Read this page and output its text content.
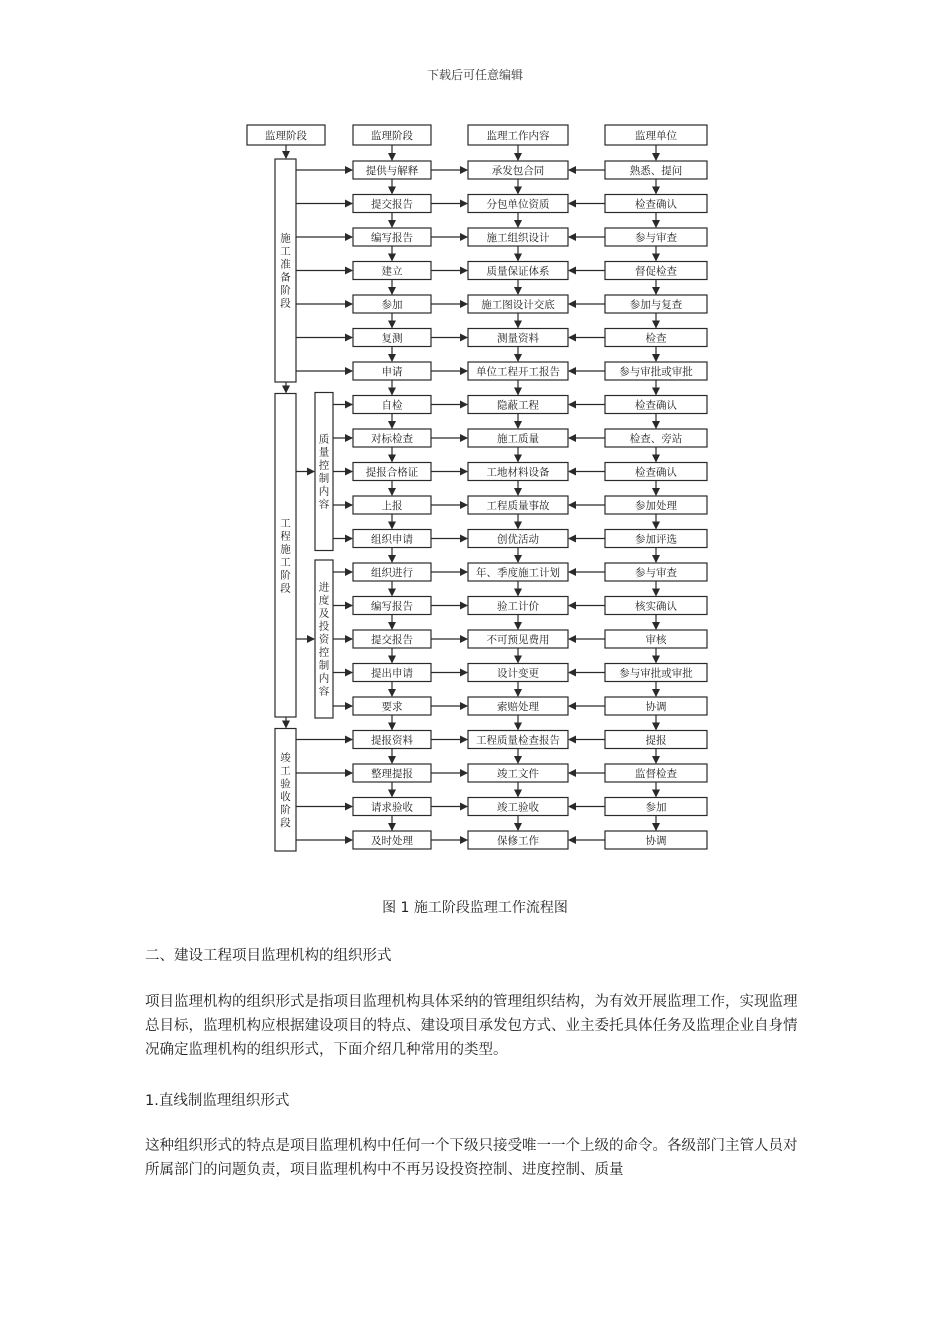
下载后可任意编辑
监理阶段	监理阶段	监理工作内容	监理单位
施工准备阶段
工程施工阶段
竣工验收阶段
质量控制内容
进度及投资控制内容
提供与解释	承发包合同	熟悉、提问
提交报告	分包单位资质	检查确认
编写报告	施工组织设计	参与审查
建立	质量保证体系	督促检查
参加	施工图设计交底	参加与复查
复测	测量资料	检查
申请	单位工程开工报告	参与审批或审批
自检	隐蔽工程	检查确认
对标检查	施工质量	检查、旁站
提报合格证	工地材料设备	检查确认
上报	工程质量事故	参加处理
组织申请	创优活动	参加评选
组织进行	年、季度施工计划	参与审查
编写报告	验工计价	核实确认
提交报告	不可预见费用	审核
提出申请	设计变更	参与审批或审批
要求	索赔处理	协调
提报资料	工程质量检查报告	提报
整理提报	竣工文件	监督检查
请求验收	竣工验收	参加
及时处理	保修工作	协调
图 1 施工阶段监理工作流程图

二、建设工程项目监理机构的组织形式

项目监理机构的组织形式是指项目监理机构具体采纳的管理组织结构，为有效开展监理工作，实现监理总目标，监理机构应根据建设项目的特点、建设项目承发包方式、业主委托具体任务及监理企业自身情况确定监理机构的组织形式，下面介绍几种常用的类型。

1.直线制监理组织形式

这种组织形式的特点是项目监理机构中任何一个下级只接受唯一一个上级的命令。各级部门主管人员对所属部门的问题负责，项目监理机构中不再另设投资控制、进度控制、质量
